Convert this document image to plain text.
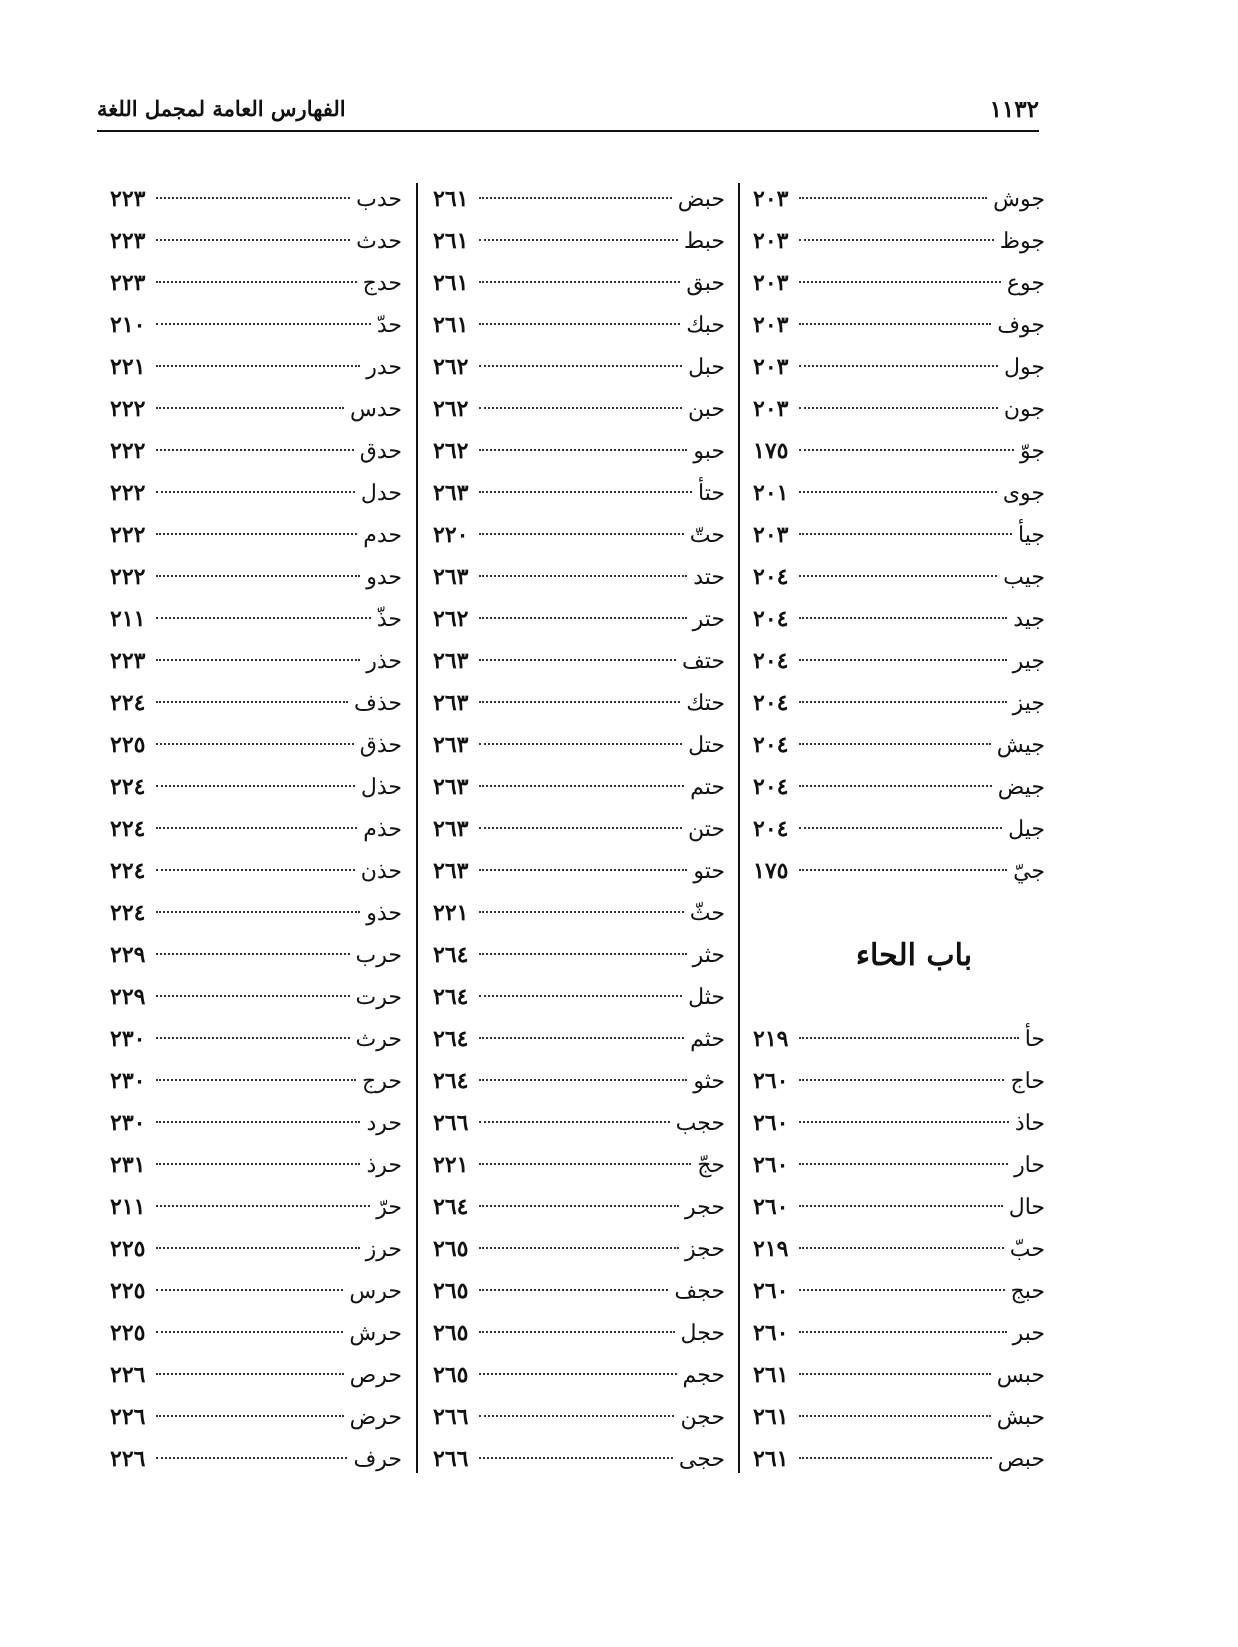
١١٣٢
الفهارس العامة لمجمل اللغة
جوش
٢٠٣
جوظ
٢٠٣
جوع
٢٠٣
جوف
٢٠٣
جول
٢٠٣
جون
٢٠٣
جوّ
١٧٥
جوى
٢٠١
جيأ
٢٠٣
جيب
٢٠٤
جيد
٢٠٤
جير
٢٠٤
جيز
٢٠٤
جيش
٢٠٤
جيض
٢٠٤
جيل
٢٠٤
جيّ
١٧٥
باب الحاء
حأ
٢١٩
حاج
٢٦٠
حاذ
٢٦٠
حار
٢٦٠
حال
٢٦٠
حبّ
٢١٩
حبج
٢٦٠
حبر
٢٦٠
حبس
٢٦١
حبش
٢٦١
حبص
٢٦١
حبض
٢٦١
حبط
٢٦١
حبق
٢٦١
حبك
٢٦١
حبل
٢٦٢
حبن
٢٦٢
حبو
٢٦٢
حتأ
٢٦٣
حتّ
٢٢٠
حتد
٢٦٣
حتر
٢٦٢
حتف
٢٦٣
حتك
٢٦٣
حتل
٢٦٣
حتم
٢٦٣
حتن
٢٦٣
حتو
٢٦٣
حثّ
٢٢١
حثر
٢٦٤
حثل
٢٦٤
حثم
٢٦٤
حثو
٢٦٤
حجب
٢٦٦
حجّ
٢٢١
حجر
٢٦٤
حجز
٢٦٥
حجف
٢٦٥
حجل
٢٦٥
حجم
٢٦٥
حجن
٢٦٦
حجى
٢٦٦
حدب
٢٢٣
حدث
٢٢٣
حدج
٢٢٣
حدّ
٢١٠
حدر
٢٢١
حدس
٢٢٢
حدق
٢٢٢
حدل
٢٢٢
حدم
٢٢٢
حدو
٢٢٢
حذّ
٢١١
حذر
٢٢٣
حذف
٢٢٤
حذق
٢٢٥
حذل
٢٢٤
حذم
٢٢٤
حذن
٢٢٤
حذو
٢٢٤
حرب
٢٢٩
حرت
٢٢٩
حرث
٢٣٠
حرج
٢٣٠
حرد
٢٣٠
حرذ
٢٣١
حرّ
٢١١
حرز
٢٢٥
حرس
٢٢٥
حرش
٢٢٥
حرص
٢٢٦
حرض
٢٢٦
حرف
٢٢٦
